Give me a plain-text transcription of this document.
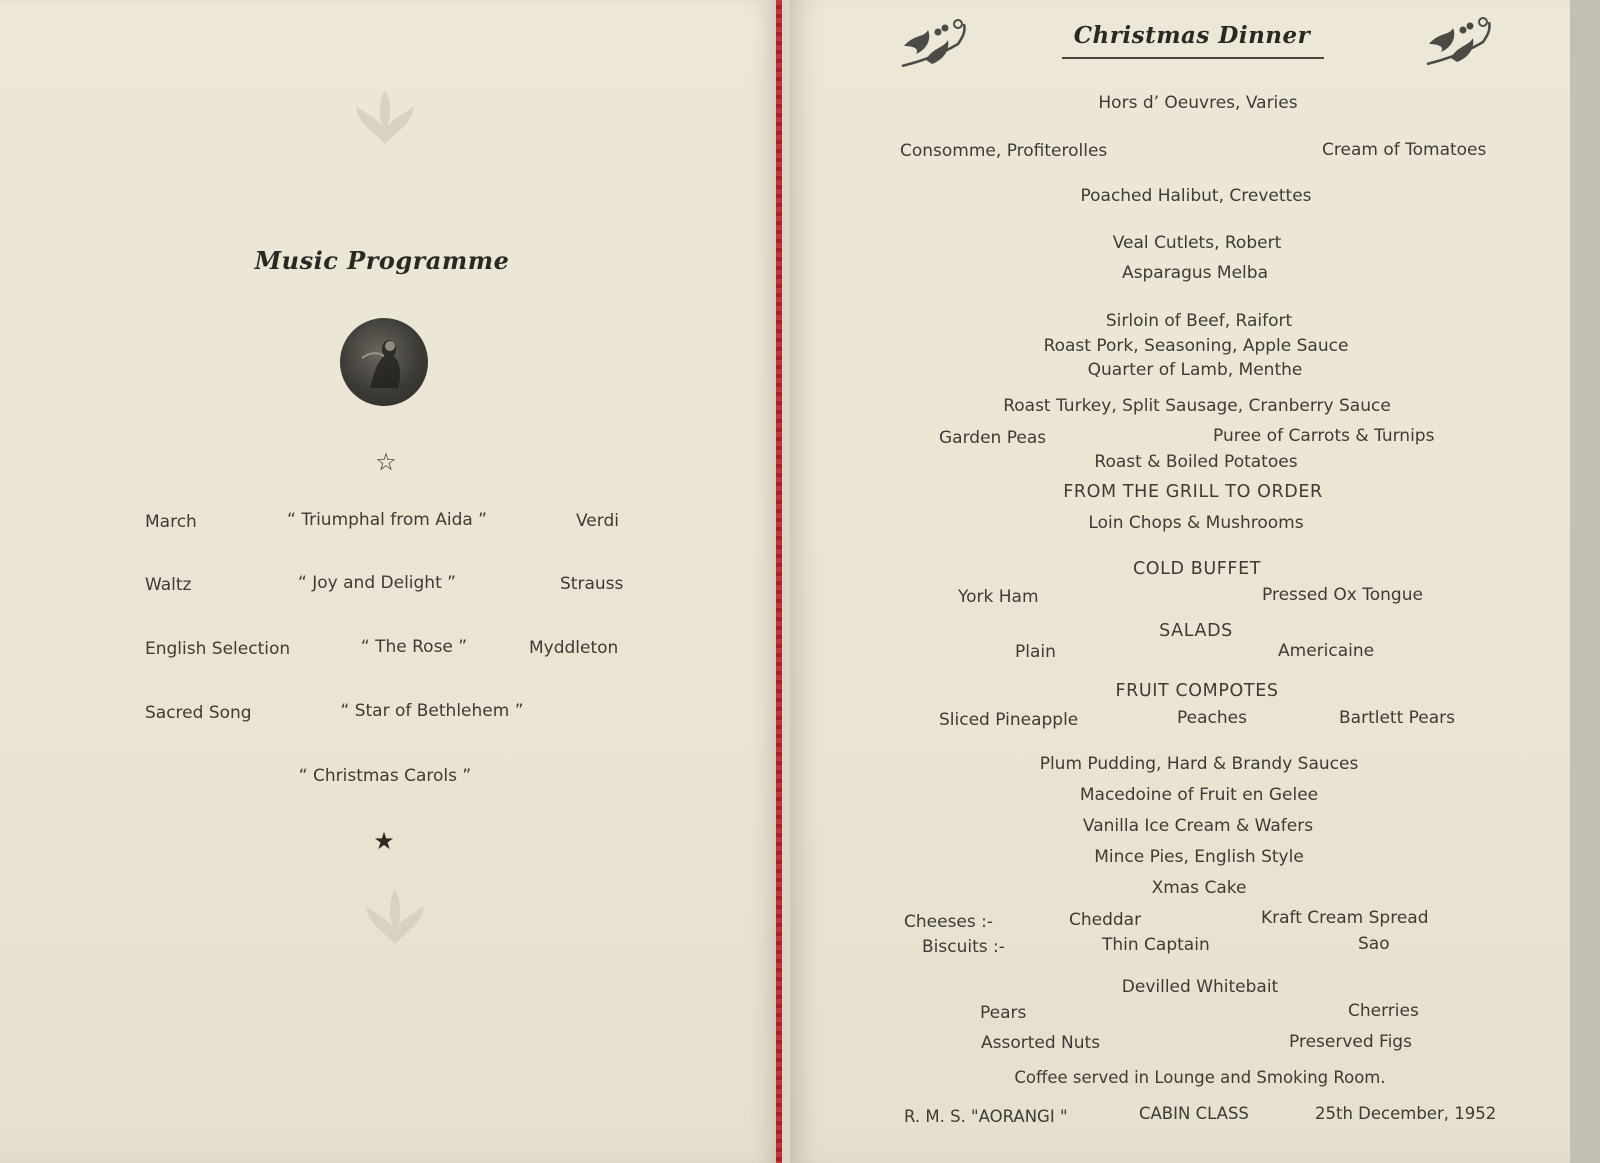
Music Programme
☆
March	“ Triumphal from Aida ”	Verdi
Waltz	“ Joy and Delight ”	Strauss
English Selection	“ The Rose ”	Myddleton
Sacred Song	“ Star of Bethlehem ”
“ Christmas Carols ”
★
Christmas Dinner
Hors d’ Oeuvres, Varies
Consomme, Profiterolles	Cream of Tomatoes
Poached Halibut, Crevettes
Veal Cutlets, Robert
Asparagus Melba
Sirloin of Beef, Raifort
Roast Pork, Seasoning, Apple Sauce
Quarter of Lamb, Menthe
Roast Turkey, Split Sausage, Cranberry Sauce
Garden Peas	Puree of Carrots & Turnips
Roast & Boiled Potatoes
FROM THE GRILL TO ORDER
Loin Chops & Mushrooms
COLD BUFFET
York Ham	Pressed Ox Tongue
SALADS
Plain	Americaine
FRUIT COMPOTES
Sliced Pineapple	Peaches	Bartlett Pears
Plum Pudding, Hard & Brandy Sauces
Macedoine of Fruit en Gelee
Vanilla Ice Cream & Wafers
Mince Pies, English Style
Xmas Cake
Cheeses :-	Cheddar	Kraft Cream Spread
Biscuits :-	Thin Captain	Sao
Devilled Whitebait
Pears	Cherries
Assorted Nuts	Preserved Figs
Coffee served in Lounge and Smoking Room.
R. M. S. "AORANGI "	CABIN CLASS	25th December, 1952
